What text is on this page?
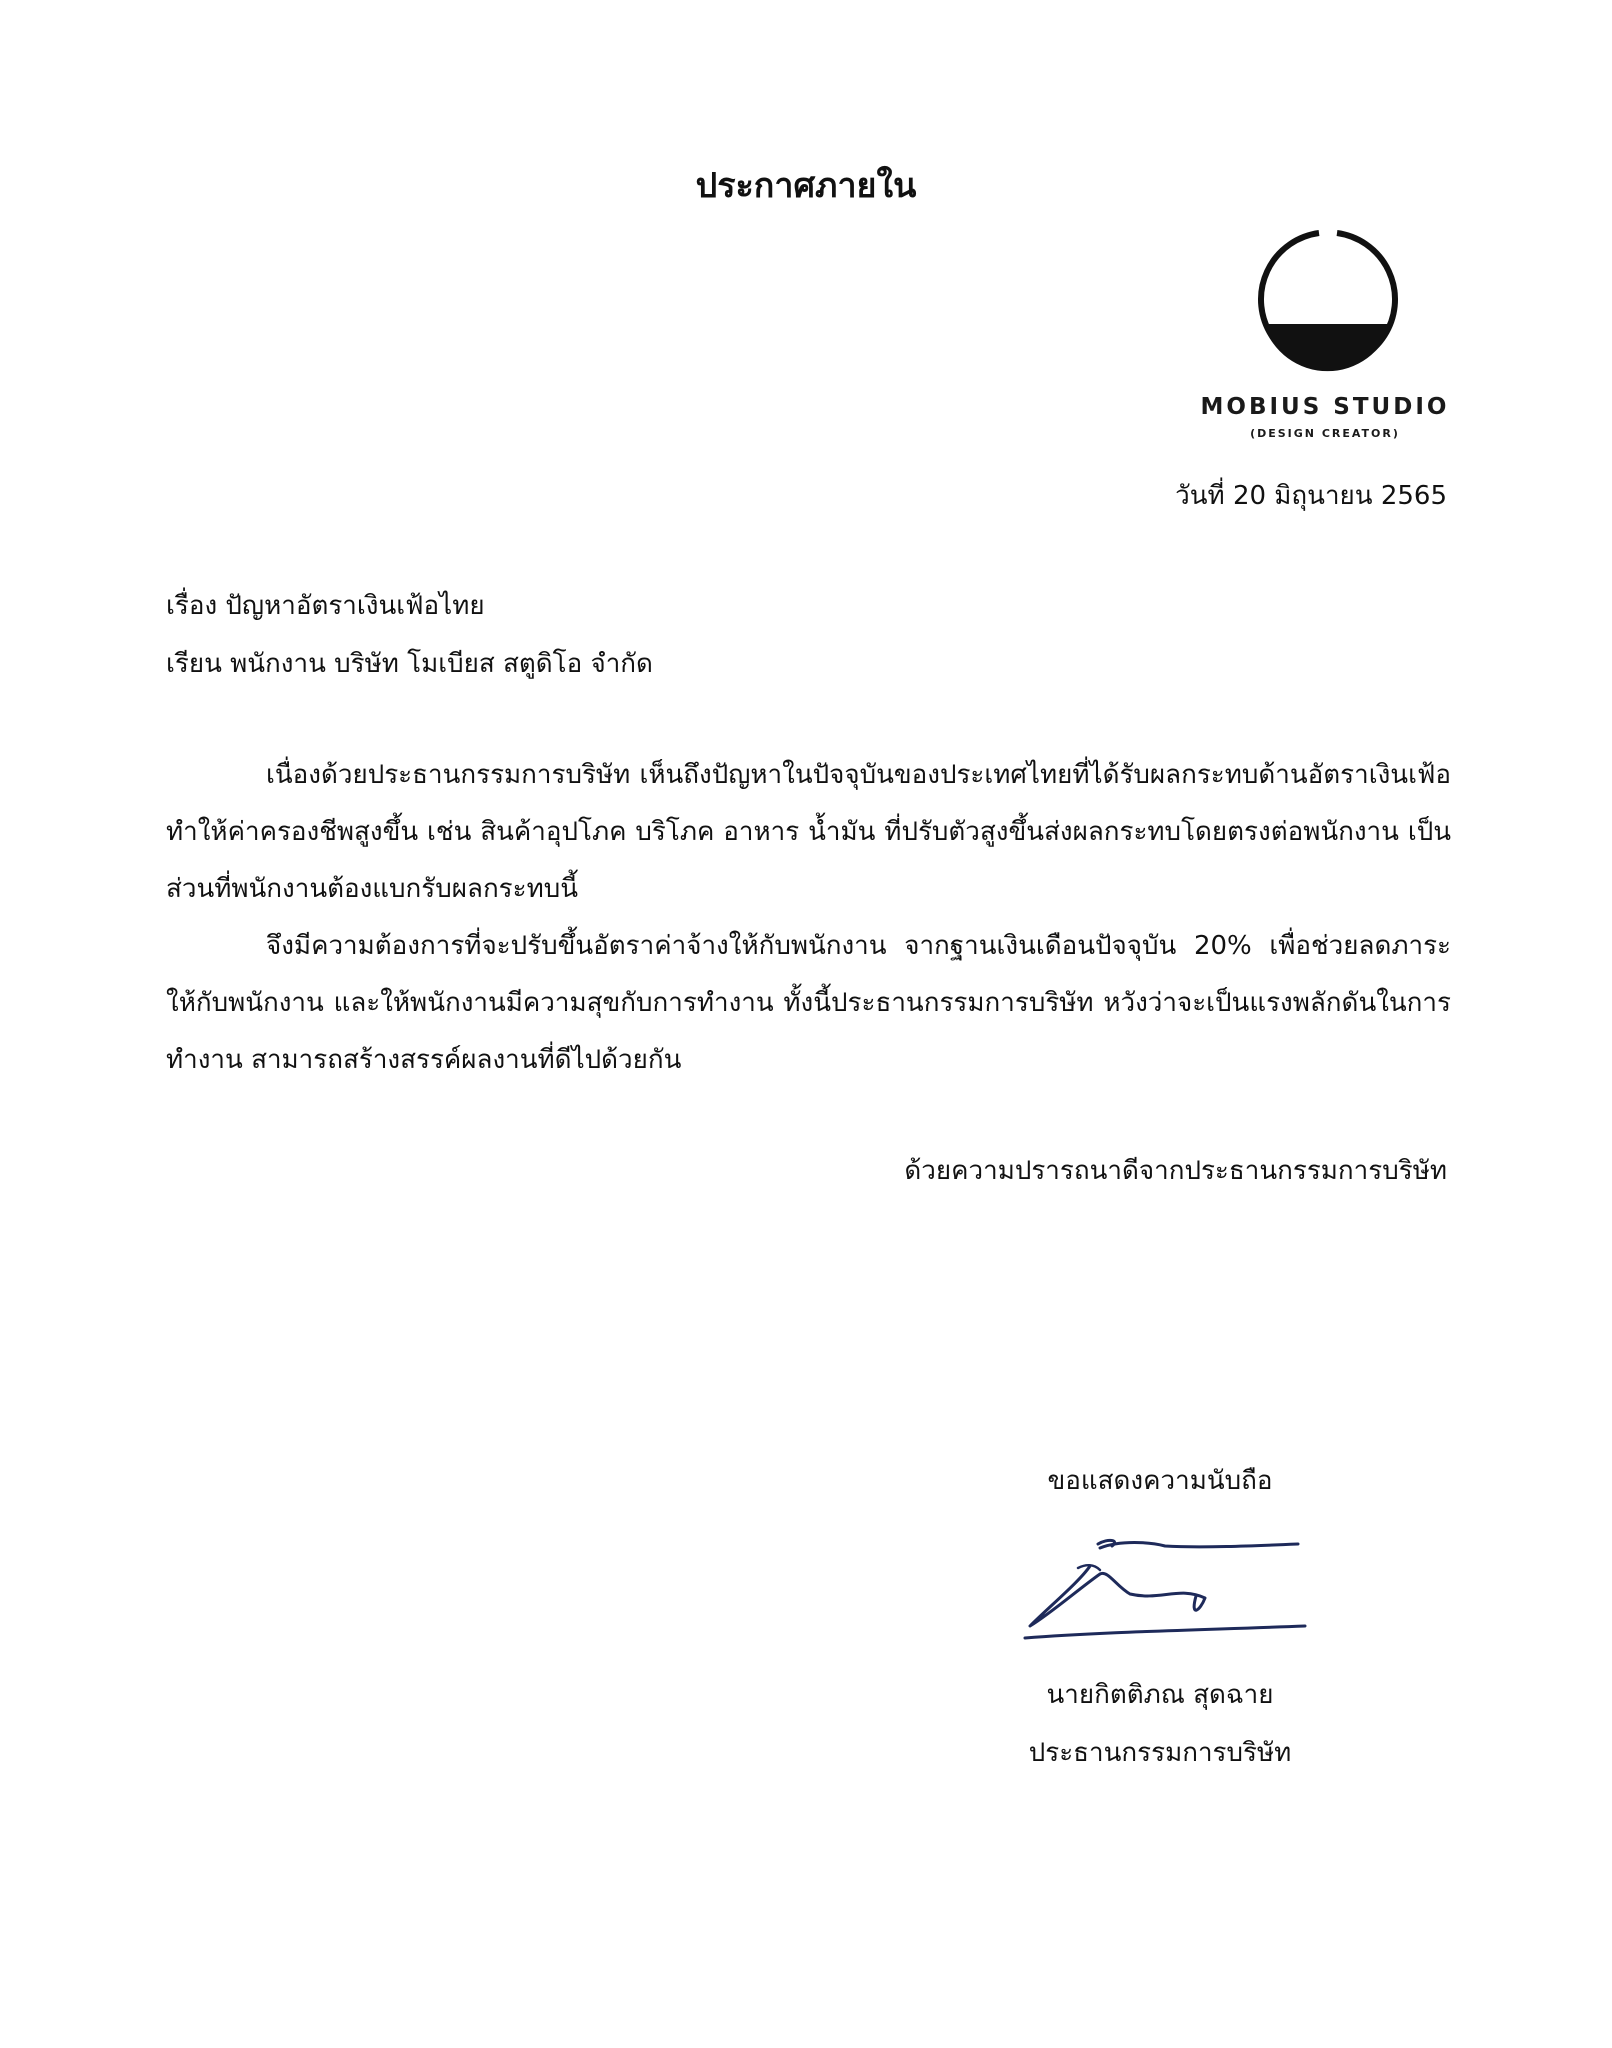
ประกาศภายใน
MOBIUS STUDIO
(DESIGN CREATOR)
วันที่ 20 มิถุนายน 2565
เรื่อง ปัญหาอัตราเงินเฟ้อไทย
เรียน พนักงาน บริษัท โมเบียส สตูดิโอ จำกัด

เนื่องด้วยประธานกรรมการบริษัท เห็นถึงปัญหาในปัจจุบันของประเทศไทยที่ได้รับผลกระทบด้านอัตราเงินเฟ้อ ทำให้ค่าครองชีพสูงขึ้น เช่น สินค้าอุปโภค บริโภค อาหาร น้ำมัน ที่ปรับตัวสูงขึ้นส่งผลกระทบโดยตรงต่อพนักงาน เป็นส่วนที่พนักงานต้องแบกรับผลกระทบนี้

จึงมีความต้องการที่จะปรับขึ้นอัตราค่าจ้างให้กับพนักงาน จากฐานเงินเดือนปัจจุบัน 20% เพื่อช่วยลดภาระให้กับพนักงาน และให้พนักงานมีความสุขกับการทำงาน ทั้งนี้ประธานกรรมการบริษัท หวังว่าจะเป็นแรงพลักดันในการทำงาน สามารถสร้างสรรค์ผลงานที่ดีไปด้วยกัน

ด้วยความปรารถนาดีจากประธานกรรมการบริษัท
ขอแสดงความนับถือ
นายกิตติภณ สุดฉาย
ประธานกรรมการบริษัท
